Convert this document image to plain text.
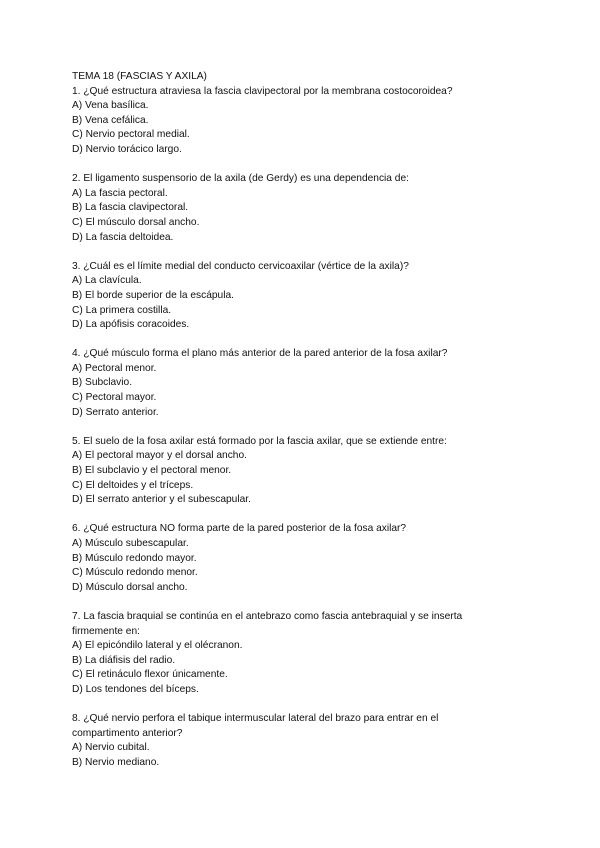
TEMA 18 (FASCIAS Y AXILA)
1. ¿Qué estructura atraviesa la fascia clavipectoral por la membrana costocoroidea?
A) Vena basílica.
B) Vena cefálica.
C) Nervio pectoral medial.
D) Nervio torácico largo.
2. El ligamento suspensorio de la axila (de Gerdy) es una dependencia de:
A) La fascia pectoral.
B) La fascia clavipectoral.
C) El músculo dorsal ancho.
D) La fascia deltoidea.
3. ¿Cuál es el límite medial del conducto cervicoaxilar (vértice de la axila)?
A) La clavícula.
B) El borde superior de la escápula.
C) La primera costilla.
D) La apófisis coracoides.
4. ¿Qué músculo forma el plano más anterior de la pared anterior de la fosa axilar?
A) Pectoral menor.
B) Subclavio.
C) Pectoral mayor.
D) Serrato anterior.
5. El suelo de la fosa axilar está formado por la fascia axilar, que se extiende entre:
A) El pectoral mayor y el dorsal ancho.
B) El subclavio y el pectoral menor.
C) El deltoides y el tríceps.
D) El serrato anterior y el subescapular.
6. ¿Qué estructura NO forma parte de la pared posterior de la fosa axilar?
A) Músculo subescapular.
B) Músculo redondo mayor.
C) Músculo redondo menor.
D) Músculo dorsal ancho.
7. La fascia braquial se continúa en el antebrazo como fascia antebraquial y se inserta
firmemente en:
A) El epicóndilo lateral y el olécranon.
B) La diáfisis del radio.
C) El retináculo flexor únicamente.
D) Los tendones del bíceps.
8. ¿Qué nervio perfora el tabique intermuscular lateral del brazo para entrar en el
compartimento anterior?
A) Nervio cubital.
B) Nervio mediano.
